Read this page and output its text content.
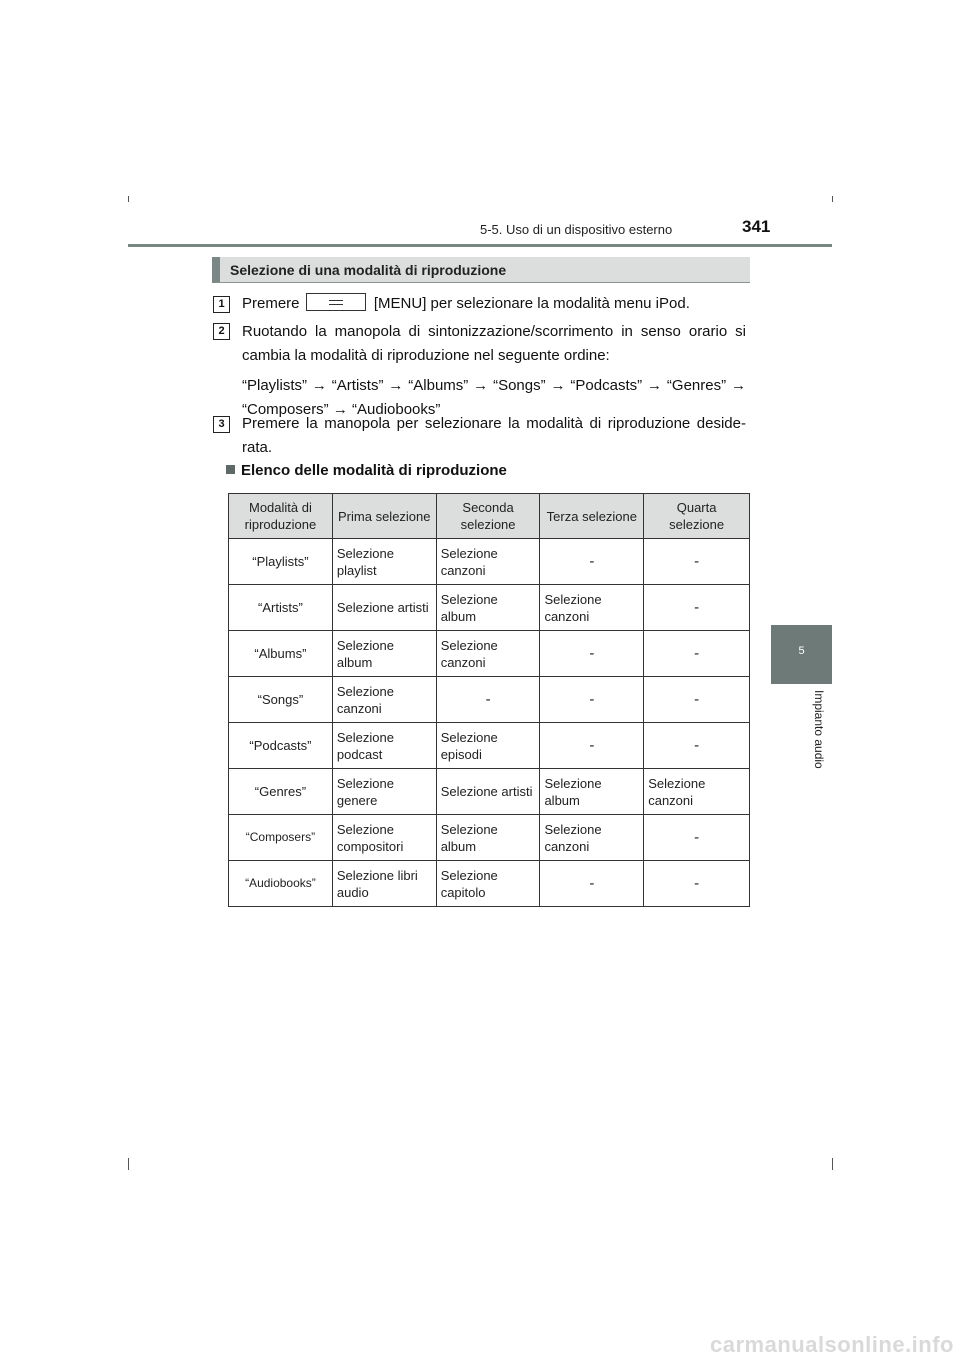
5-5. Uso di un dispositivo esterno	341
5
Impianto audio
Selezione di una modalità di riproduzione
1	Premere	[MENU] per selezionare la modalità menu iPod.
2	Ruotando la manopola di sintonizzazione/scorrimento in senso orario si cambia la modalità di riproduzione nel seguente ordine:
“Playlists” → “Artists” → “Albums” → “Songs” → “Podcasts” → “Genres” → “Composers” → “Audiobooks”
3	Premere la manopola per selezionare la modalità di riproduzione deside-rata.
Elenco delle modalità di riproduzione
Modalità di riproduzione	Prima selezione	Seconda selezione	Terza selezione	Quarta selezione
“Playlists”	Selezione playlist	Selezione canzoni	-	-
“Artists”	Selezione artisti	Selezione album	Selezione canzoni	-
“Albums”	Selezione album	Selezione canzoni	-	-
“Songs”	Selezione canzoni	-	-	-
“Podcasts”	Selezione podcast	Selezione episodi	-	-
“Genres”	Selezione genere	Selezione artisti	Selezione album	Selezione canzoni
“Composers”	Selezione compositori	Selezione album	Selezione canzoni	-
“Audiobooks”	Selezione libri audio	Selezione capitolo	-	-
carmanualsonline.info
